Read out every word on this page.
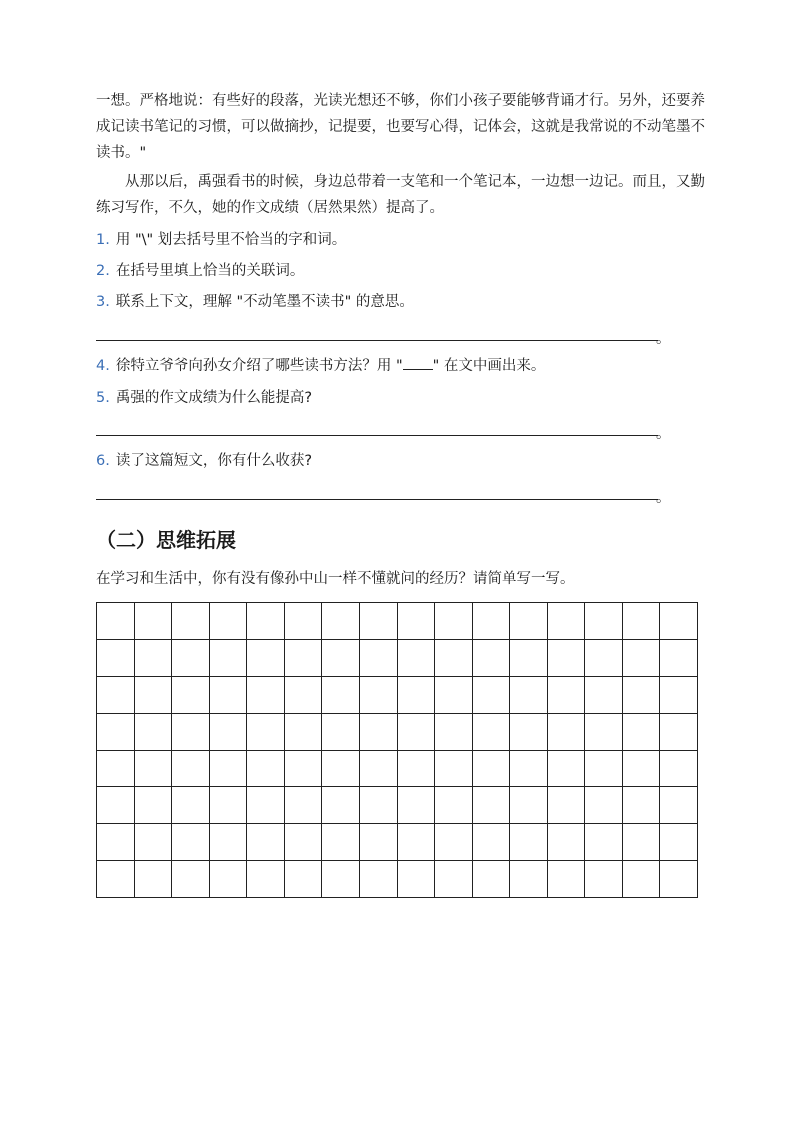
一想。严格地说：有些好的段落，光读光想还不够，你们小孩子要能够背诵才行。另外，还要养成记读书笔记的习惯，可以做摘抄，记提要，也要写心得，记体会，这就是我常说的不动笔墨不读书。"
从那以后，禹强看书的时候，身边总带着一支笔和一个笔记本，一边想一边记。而且，又勤练习写作，不久，她的作文成绩（居然果然）提高了。
1. 用 "\" 划去括号里不恰当的字和词。
2. 在括号里填上恰当的关联词。
3. 联系上下文，理解 "不动笔墨不读书" 的意思。
。
4. 徐特立爷爷向孙女介绍了哪些读书方法？用 " " 在文中画出来。
5. 禹强的作文成绩为什么能提高?
。
6. 读了这篇短文，你有什么收获?
。
（二）思维拓展
在学习和生活中，你有没有像孙中山一样不懂就问的经历？请简单写一写。
